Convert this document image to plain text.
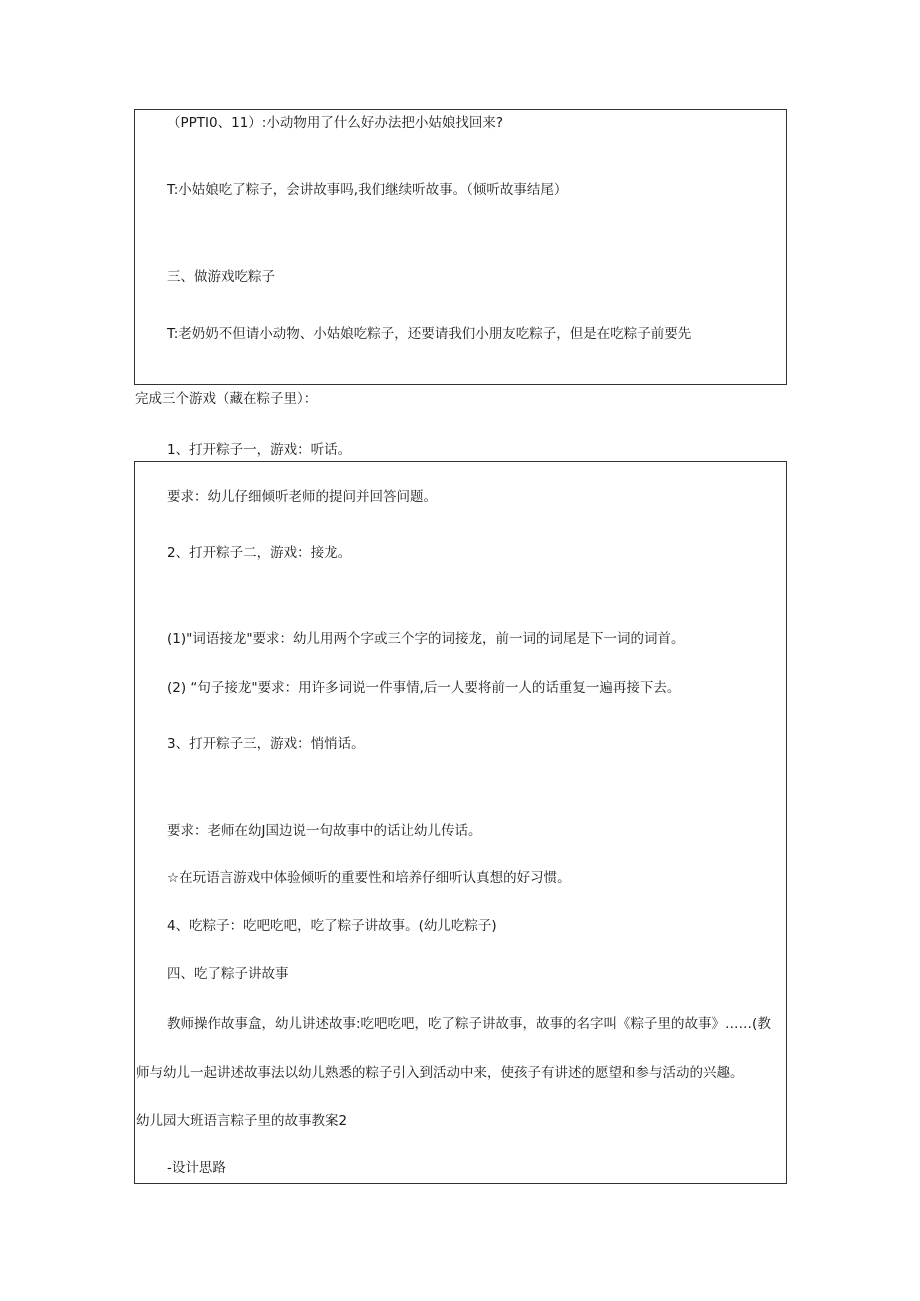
（PPTI0、11）:小动物用了什么好办法把小姑娘找回来?
T:小姑娘吃了粽子，会讲故事吗,我们继续听故事。（倾听故事结尾）
三、做游戏吃粽子
T:老奶奶不但请小动物、小姑娘吃粽子，还要请我们小朋友吃粽子，但是在吃粽子前要先
完成三个游戏（藏在粽子里）：
1、打开粽子一，游戏：听话。
要求：幼儿仔细倾听老师的提问并回答问题。
2、打开粽子二，游戏：接龙。
(1)"词语接龙"要求：幼儿用两个字或三个字的词接龙，前一词的词尾是下一词的词首。
(2) “句子接龙"要求：用许多词说一件事情,后一人要将前一人的话重复一遍再接下去。
3、打开粽子三，游戏：悄悄话。
要求：老师在幼J国边说一句故事中的话让幼儿传话。
☆在玩语言游戏中体验倾听的重要性和培养仔细听认真想的好习惯。
4、吃粽子：吃吧吃吧，吃了粽子讲故事。(幼儿吃粽子)
四、吃了粽子讲故事
教师操作故事盒，幼儿讲述故事:吃吧吃吧，吃了粽子讲故事，故事的名字叫《粽子里的故事》……(教
师与幼儿一起讲述故事法以幼儿熟悉的粽子引入到活动中来，使孩子有讲述的愿望和参与活动的兴趣。
幼儿园大班语言粽子里的故事教案2
-设计思路
